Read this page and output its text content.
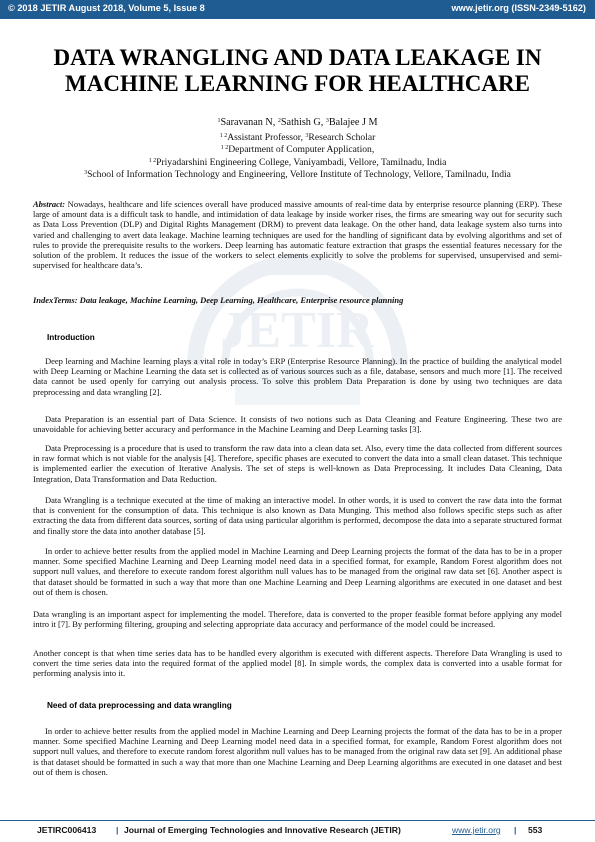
© 2018 JETIR August 2018, Volume 5, Issue 8	www.jetir.org (ISSN-2349-5162)
JETIR
DATA WRANGLING AND DATA LEAKAGE IN
MACHINE LEARNING FOR HEALTHCARE
$^1$Saravanan N, $^2$Sathish G, $^3$Balajee J M
$^{1 2}$Assistant Professor, $^3$Research Scholar
$^{1 2}$Department of Computer Application,
$^{1 2}$Priyadarshini Engineering College, Vaniyambadi, Vellore, Tamilnadu, India
$^3$School of Information Technology and Engineering, Vellore Institute of Technology, Vellore, Tamilnadu, India

Abstract: Nowadays, healthcare and life sciences overall have produced massive amounts of real-time data by enterprise resource planning (ERP). These large of amount data is a difficult task to handle, and intimidation of data leakage by inside worker rises, the firms are smearing way out for security such as Data Loss Prevention (DLP) and Digital Rights Management (DRM) to prevent data leakage. On the other hand, data leakage system also turns into varied and challenging to avert data leakage. Machine learning techniques are used for the handling of significant data by evolving algorithms and set of rules to provide the prerequisite results to the workers. Deep learning has automatic feature extraction that grasps the essential features necessary for the solution of the problem. It reduces the issue of the workers to select elements explicitly to solve the problems for supervised, unsupervised and semi-supervised for healthcare data’s.

IndexTerms: Data leakage, Machine Learning, Deep Learning, Healthcare, Enterprise resource planning
Introduction

Deep learning and Machine learning plays a vital role in today’s ERP (Enterprise Resource Planning). In the practice of building the analytical model with Deep Learning or Machine Learning the data set is collected as of various sources such as a file, database, sensors and much more [1]. The received data cannot be used openly for carrying out analysis process. To solve this problem Data Preparation is done by using two techniques are data preprocessing and data wrangling [2].

Data Preparation is an essential part of Data Science. It consists of two notions such as Data Cleaning and Feature Engineering. These two are unavoidable for achieving better accuracy and performance in the Machine Learning and Deep Learning tasks [3].

Data Preprocessing is a procedure that is used to transform the raw data into a clean data set. Also, every time the data collected from different sources in raw format which is not viable for the analysis [4]. Therefore, specific phases are executed to convert the data into a small clean dataset. This technique is implemented earlier the execution of Iterative Analysis. The set of steps is well-known as Data Preprocessing. It includes Data Cleaning, Data Integration, Data Transformation and Data Reduction.

Data Wrangling is a technique executed at the time of making an interactive model. In other words, it is used to convert the raw data into the format that is convenient for the consumption of data. This technique is also known as Data Munging. This method also follows specific steps such as after extracting the data from different data sources, sorting of data using particular algorithm is performed, decompose the data into a separate structured format and finally store the data into another database [5].

In order to achieve better results from the applied model in Machine Learning and Deep Learning projects the format of the data has to be in a proper manner. Some specified Machine Learning and Deep Learning model need data in a specified format, for example, Random Forest algorithm does not support null values, and therefore to execute random forest algorithm null values has to be managed from the original raw data set [6]. Another aspect is that dataset should be formatted in such a way that more than one Machine Learning and Deep Learning algorithms are executed in one dataset and best out of them is chosen.

Data wrangling is an important aspect for implementing the model. Therefore, data is converted to the proper feasible format before applying any model intro it [7]. By performing filtering, grouping and selecting appropriate data accuracy and performance of the model could be increased.

Another concept is that when time series data has to be handled every algorithm is executed with different aspects. Therefore Data Wrangling is used to convert the time series data into the required format of the applied model [8]. In simple words, the complex data is converted into a usable format for performing analysis into it.

Need of data preprocessing and data wrangling

In order to achieve better results from the applied model in Machine Learning and Deep Learning projects the format of the data has to be in a proper manner. Some specified Machine Learning and Deep Learning model need data in a specified format, for example, Random Forest algorithm does not support null values, and therefore to execute random forest algorithm null values has to be managed from the original raw data set [9]. An additional phase is that dataset should be formatted in such a way that more than one Machine Learning and Deep Learning algorithms are executed in one dataset and best out of them is chosen.

JETIRC006413 | Journal of Emerging Technologies and Innovative Research (JETIR)	www.jetir.org | 553
